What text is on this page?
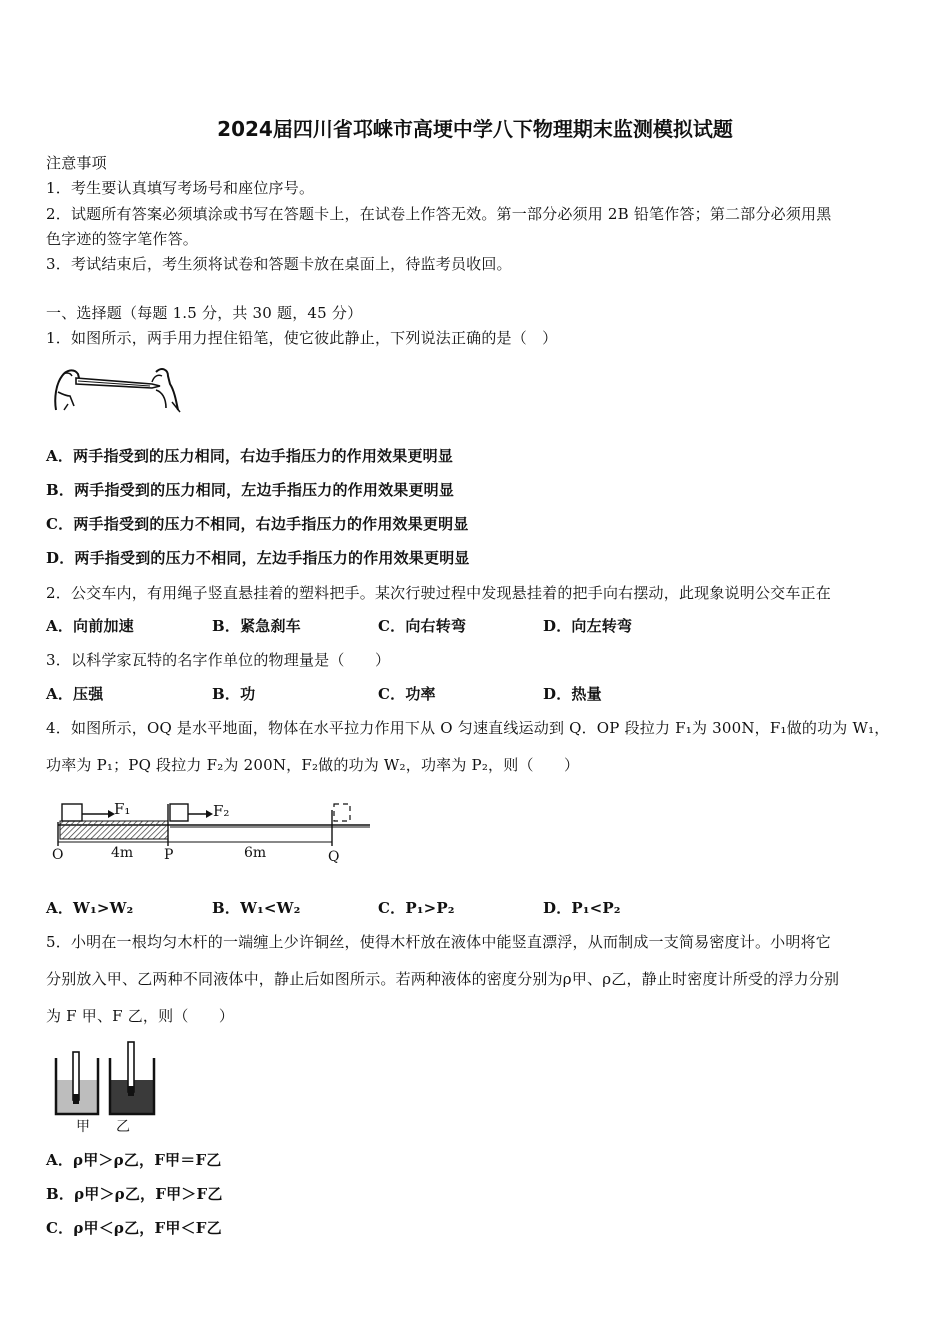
2024届四川省邛崃市高埂中学八下物理期末监测模拟试题
注意事项
1．考生要认真填写考场号和座位序号。
2．试题所有答案必须填涂或书写在答题卡上，在试卷上作答无效。第一部分必须用 2B 铅笔作答；第二部分必须用黑
色字迹的签字笔作答。
3．考试结束后，考生须将试卷和答题卡放在桌面上，待监考员收回。
一、选择题（每题 1.5 分，共 30 题，45 分）
1．如图所示，两手用力捏住铅笔，使它彼此静止，下列说法正确的是（　）
A．两手指受到的压力相同，右边手指压力的作用效果更明显
B．两手指受到的压力相同，左边手指压力的作用效果更明显
C．两手指受到的压力不相同，右边手指压力的作用效果更明显
D．两手指受到的压力不相同，左边手指压力的作用效果更明显
2．公交车内，有用绳子竖直悬挂着的塑料把手。某次行驶过程中发现悬挂着的把手向右摆动，此现象说明公交车正在
A．向前加速	B．紧急刹车	C．向右转弯	D．向左转弯
3．以科学家瓦特的名字作单位的物理量是（　　）
A．压强	B．功	C．功率	D．热量
4．如图所示，OQ 是水平地面，物体在水平拉力作用下从 O 匀速直线运动到 Q．OP 段拉力 F₁为 300N，F₁做的功为 W₁，
功率为 P₁；PQ 段拉力 F₂为 200N，F₂做的功为 W₂，功率为 P₂，则（　　）
F₁	F₂
O	4m P	6m	Q
A．W₁>W₂	B．W₁<W₂	C．P₁>P₂	D．P₁<P₂
5．小明在一根均匀木杆的一端缠上少许铜丝，使得木杆放在液体中能竖直漂浮，从而制成一支简易密度计。小明将它
分别放入甲、乙两种不同液体中，静止后如图所示。若两种液体的密度分别为ρ甲、ρ乙，静止时密度计所受的浮力分别
为 F 甲、F 乙，则（　　）
甲 乙
A．ρ甲＞ρ乙，F甲＝F乙
B．ρ甲＞ρ乙，F甲＞F乙
C．ρ甲＜ρ乙，F甲＜F乙
